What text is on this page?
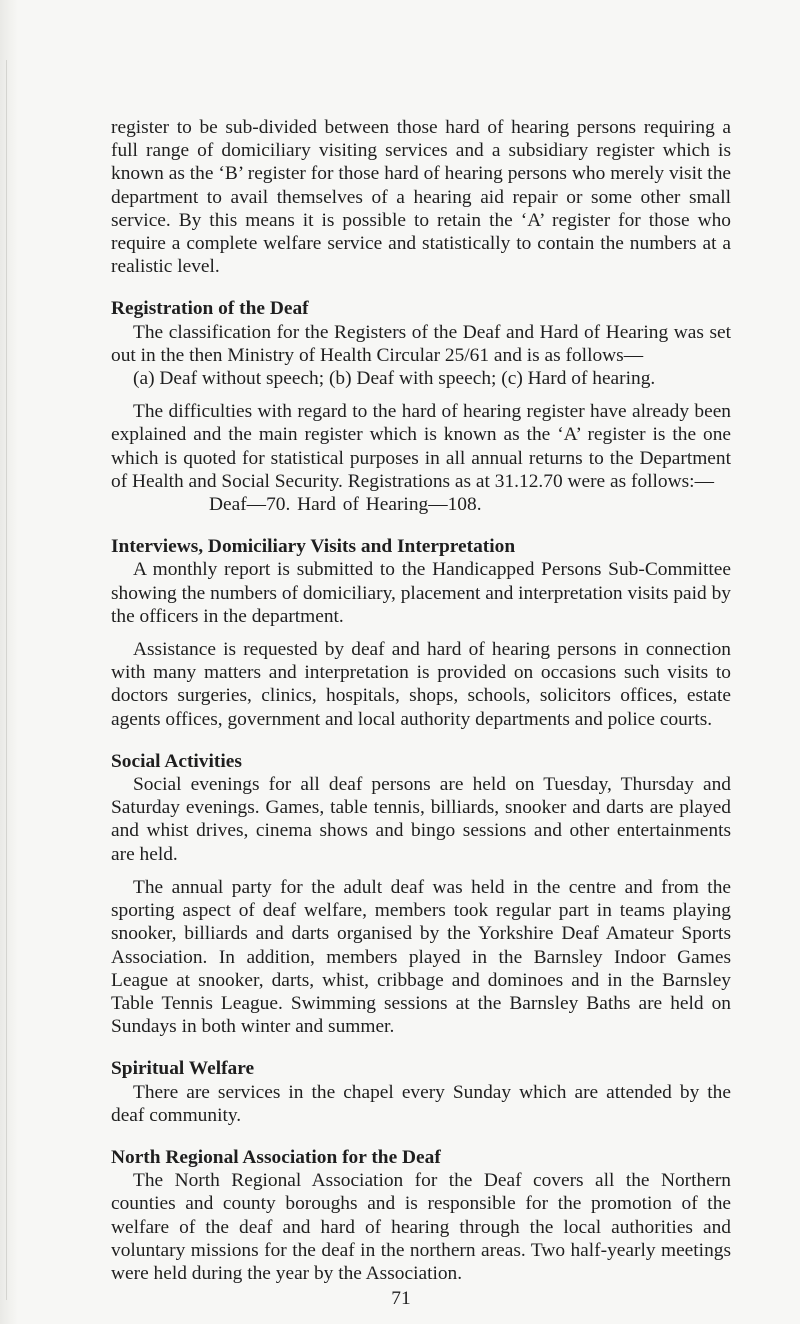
register to be sub-divided between those hard of hearing persons requiring a full range of domiciliary visiting services and a subsidiary register which is known as the ‘B’ register for those hard of hearing persons who merely visit the department to avail themselves of a hearing aid repair or some other small service. By this means it is possible to retain the ‘A’ register for those who require a complete welfare service and statistically to contain the numbers at a realistic level.

Registration of the Deaf

The classification for the Registers of the Deaf and Hard of Hearing was set out in the then Ministry of Health Circular 25/61 and is as follows—

(a) Deaf without speech; (b) Deaf with speech; (c) Hard of hearing.

The difficulties with regard to the hard of hearing register have already been explained and the main register which is known as the ‘A’ register is the one which is quoted for statistical purposes in all annual returns to the Department of Health and Social Security. Registrations as at 31.12.70 were as follows:—

Deaf—70. Hard of Hearing—108.

Interviews, Domiciliary Visits and Interpretation

A monthly report is submitted to the Handicapped Persons Sub-Committee showing the numbers of domiciliary, placement and interpretation visits paid by the officers in the department.

Assistance is requested by deaf and hard of hearing persons in connection with many matters and interpretation is provided on occasions such visits to doctors surgeries, clinics, hospitals, shops, schools, solicitors offices, estate agents offices, government and local authority departments and police courts.

Social Activities

Social evenings for all deaf persons are held on Tuesday, Thursday and Saturday evenings. Games, table tennis, billiards, snooker and darts are played and whist drives, cinema shows and bingo sessions and other entertainments are held.

The annual party for the adult deaf was held in the centre and from the sporting aspect of deaf welfare, members took regular part in teams playing snooker, billiards and darts organised by the Yorkshire Deaf Amateur Sports Association. In addition, members played in the Barnsley Indoor Games League at snooker, darts, whist, cribbage and dominoes and in the Barnsley Table Tennis League. Swimming sessions at the Barnsley Baths are held on Sundays in both winter and summer.

Spiritual Welfare

There are services in the chapel every Sunday which are attended by the deaf community.

North Regional Association for the Deaf

The North Regional Association for the Deaf covers all the Northern counties and county boroughs and is responsible for the promotion of the welfare of the deaf and hard of hearing through the local authorities and voluntary missions for the deaf in the northern areas. Two half-yearly meetings were held during the year by the Association.

71
